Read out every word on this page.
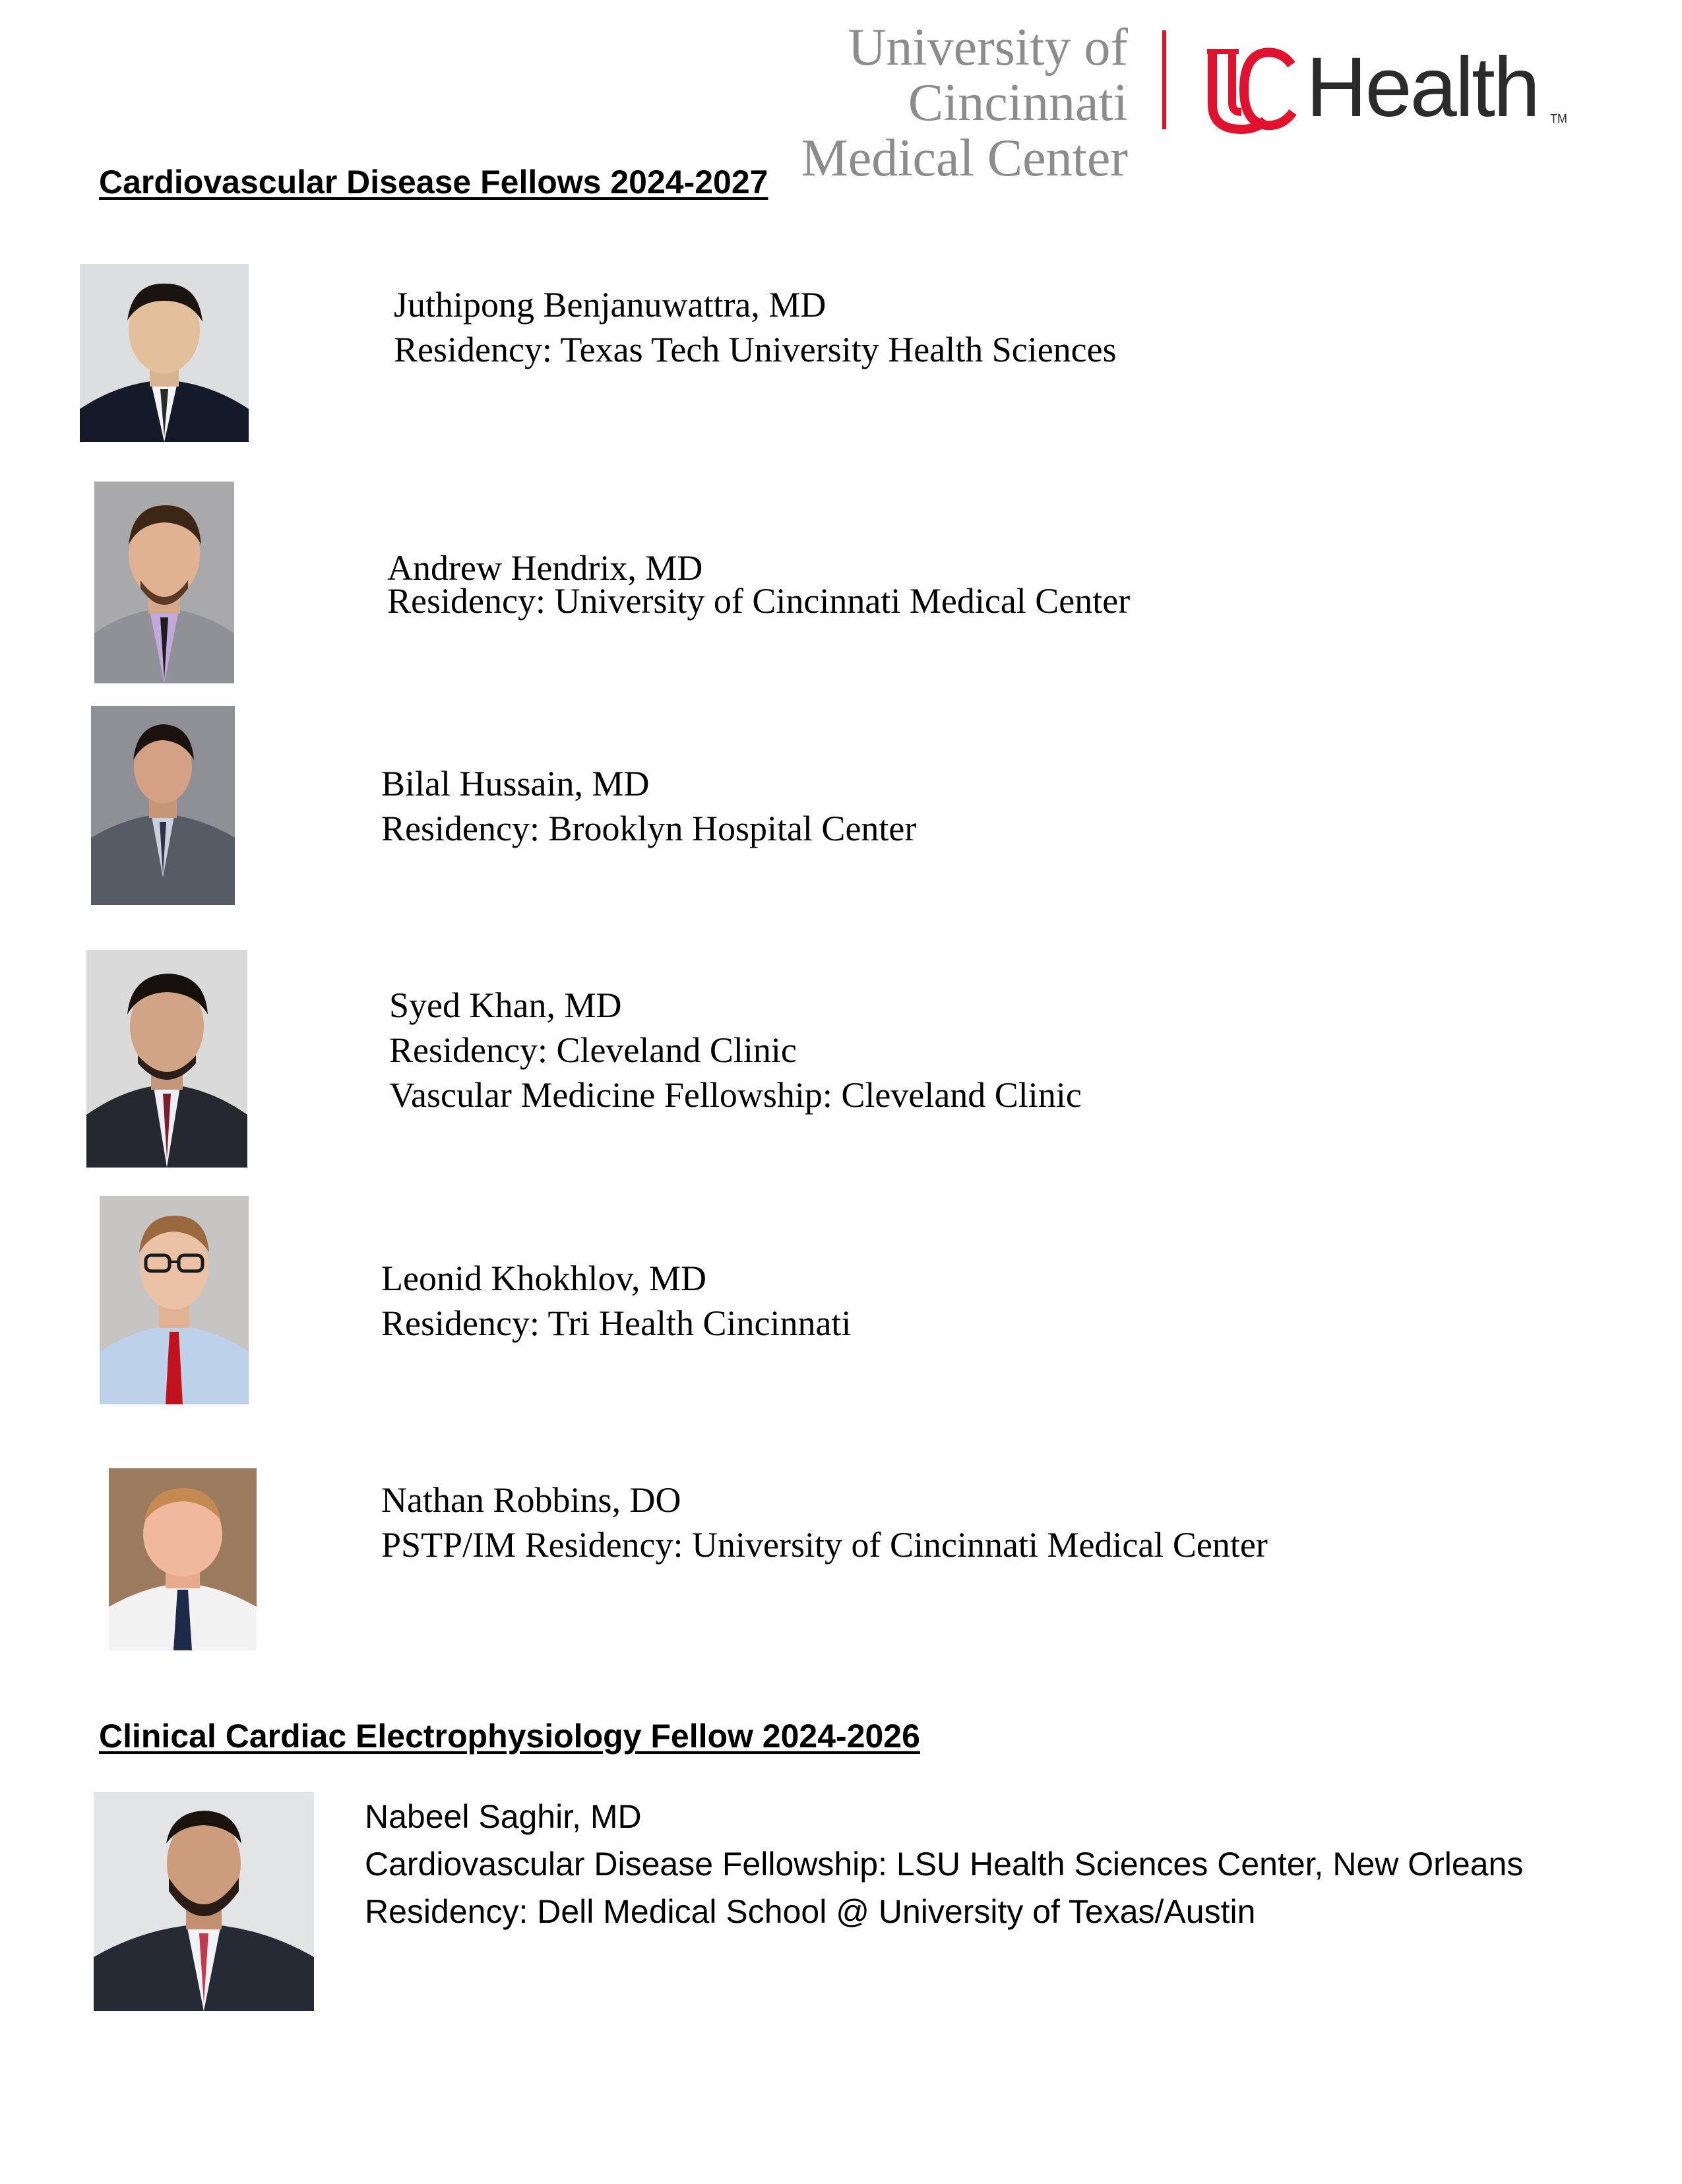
University of Cincinnati
Medical Center
Health TM
Cardiovascular Disease Fellows 2024-2027
Juthipong Benjanuwattra, MD
Residency: Texas Tech University Health Sciences
Andrew Hendrix, MD
Residency: University of Cincinnati Medical Center
Bilal Hussain, MD
Residency: Brooklyn Hospital Center
Syed Khan, MD
Residency: Cleveland Clinic
Vascular Medicine Fellowship: Cleveland Clinic
Leonid Khokhlov, MD
Residency: Tri Health Cincinnati
Nathan Robbins, DO
PSTP/IM Residency: University of Cincinnati Medical Center
Clinical Cardiac Electrophysiology Fellow 2024-2026
Nabeel Saghir, MD
Cardiovascular Disease Fellowship: LSU Health Sciences Center, New Orleans
Residency: Dell Medical School @ University of Texas/Austin
